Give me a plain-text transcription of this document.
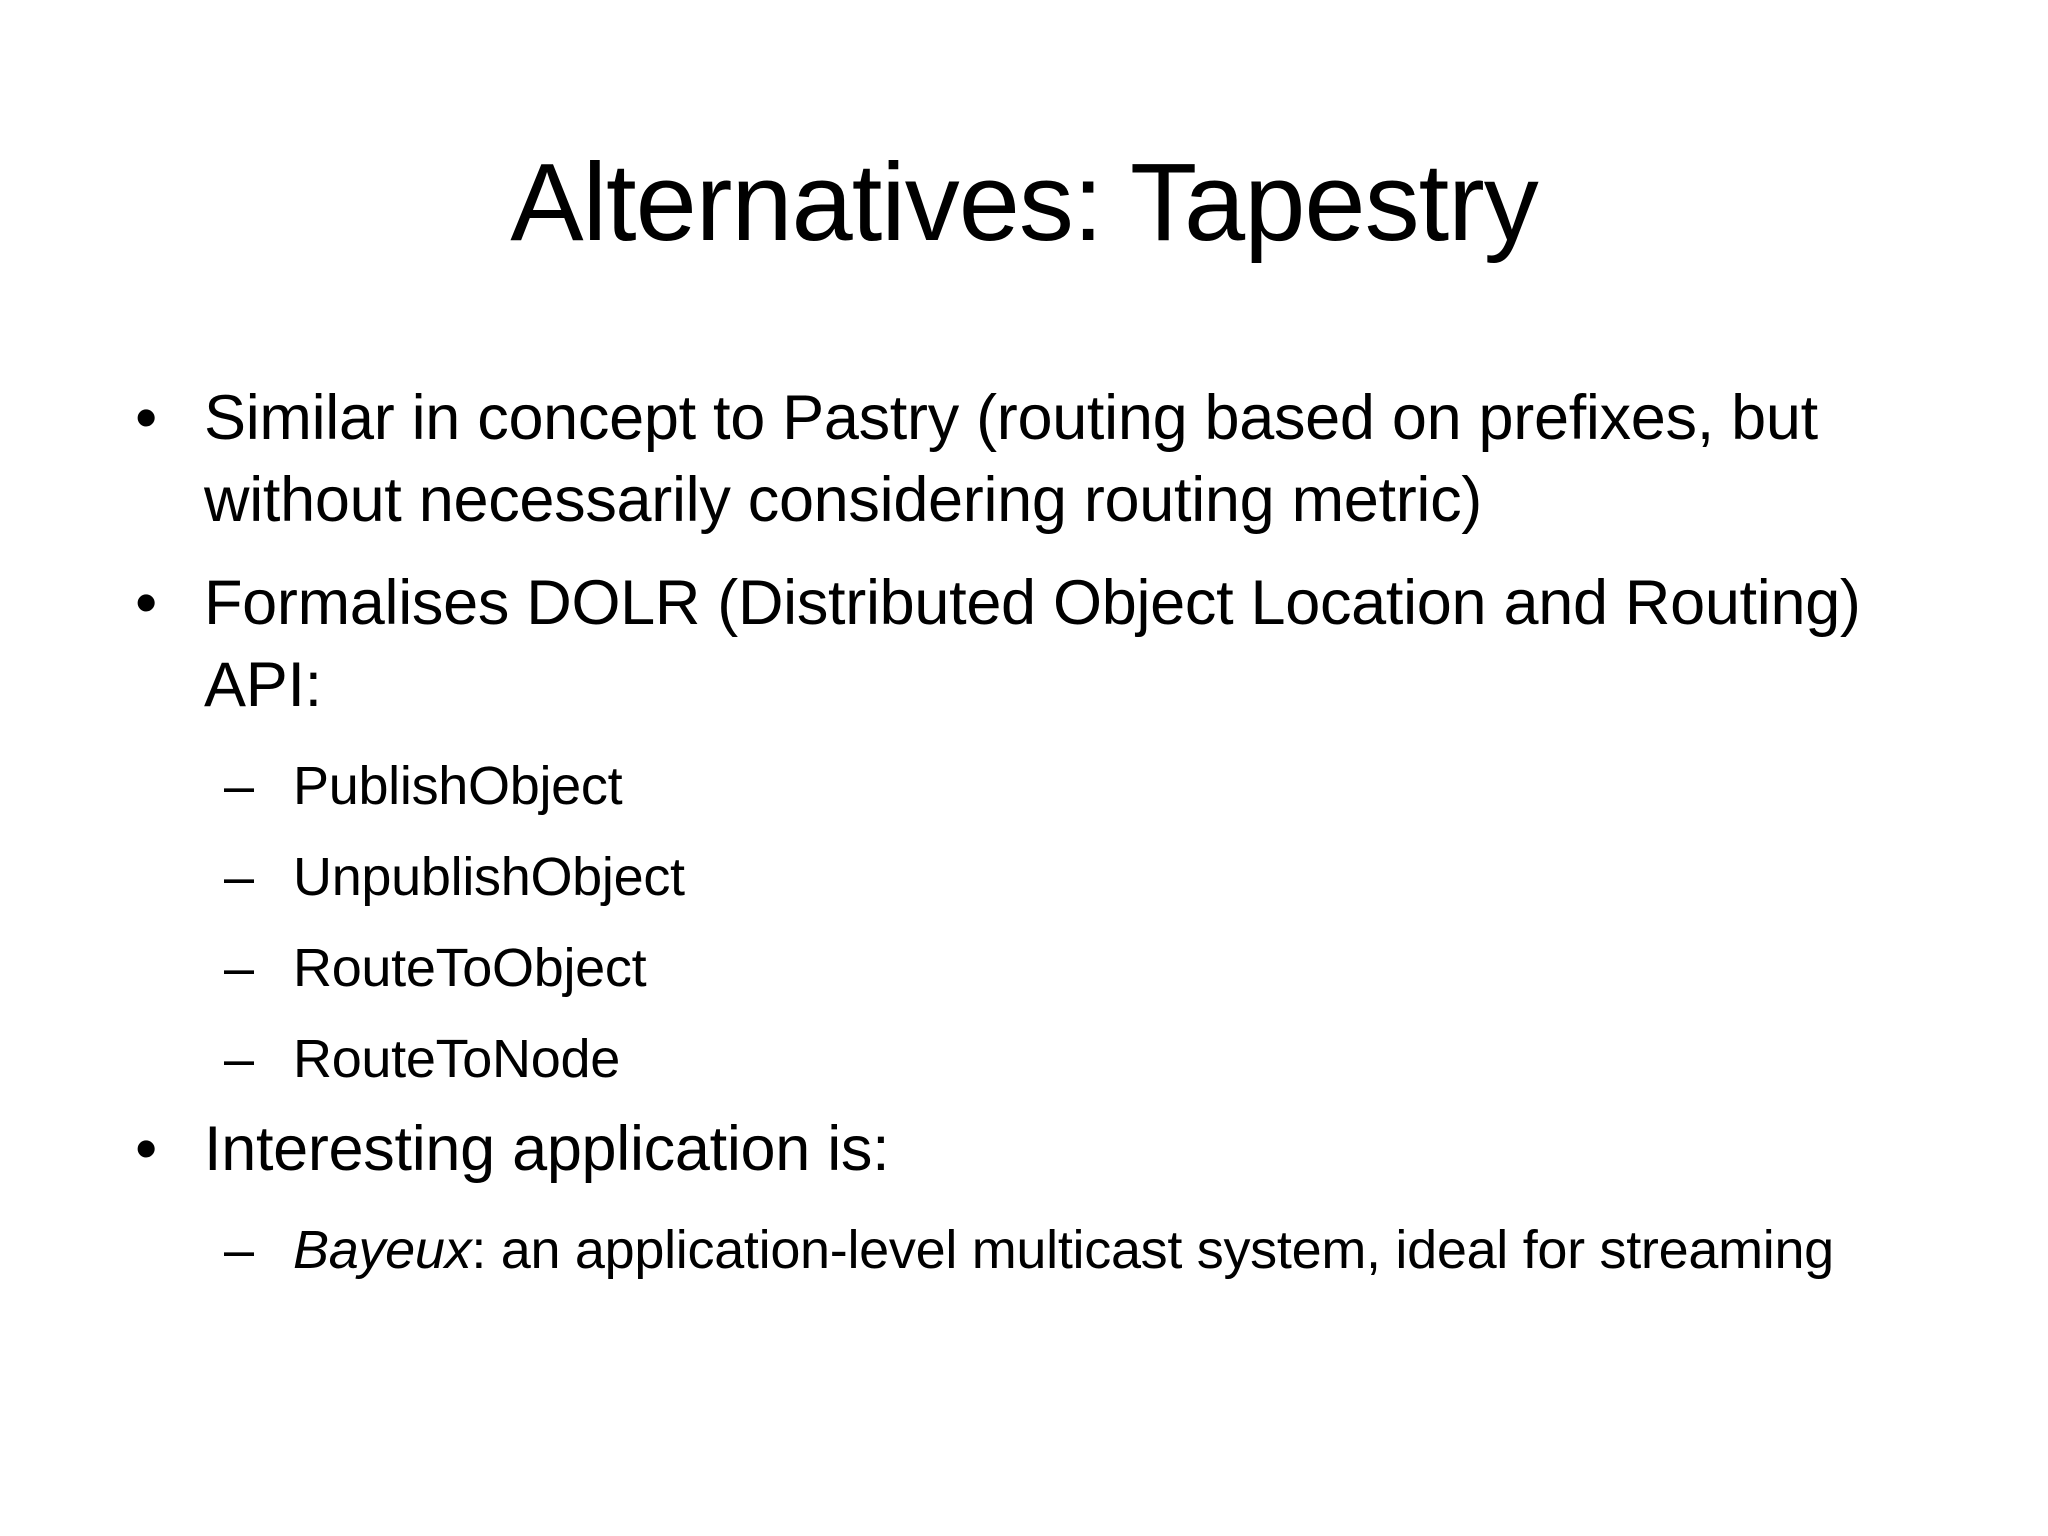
Alternatives: Tapestry
• Similar in concept to Pastry (routing based on prefixes, but without necessarily considering routing metric)
• Formalises DOLR (Distributed Object Location and Routing) API:
– PublishObject
– UnpublishObject
– RouteToObject
– RouteToNode
• Interesting application is:
– Bayeux: an application-level multicast system, ideal for streaming
